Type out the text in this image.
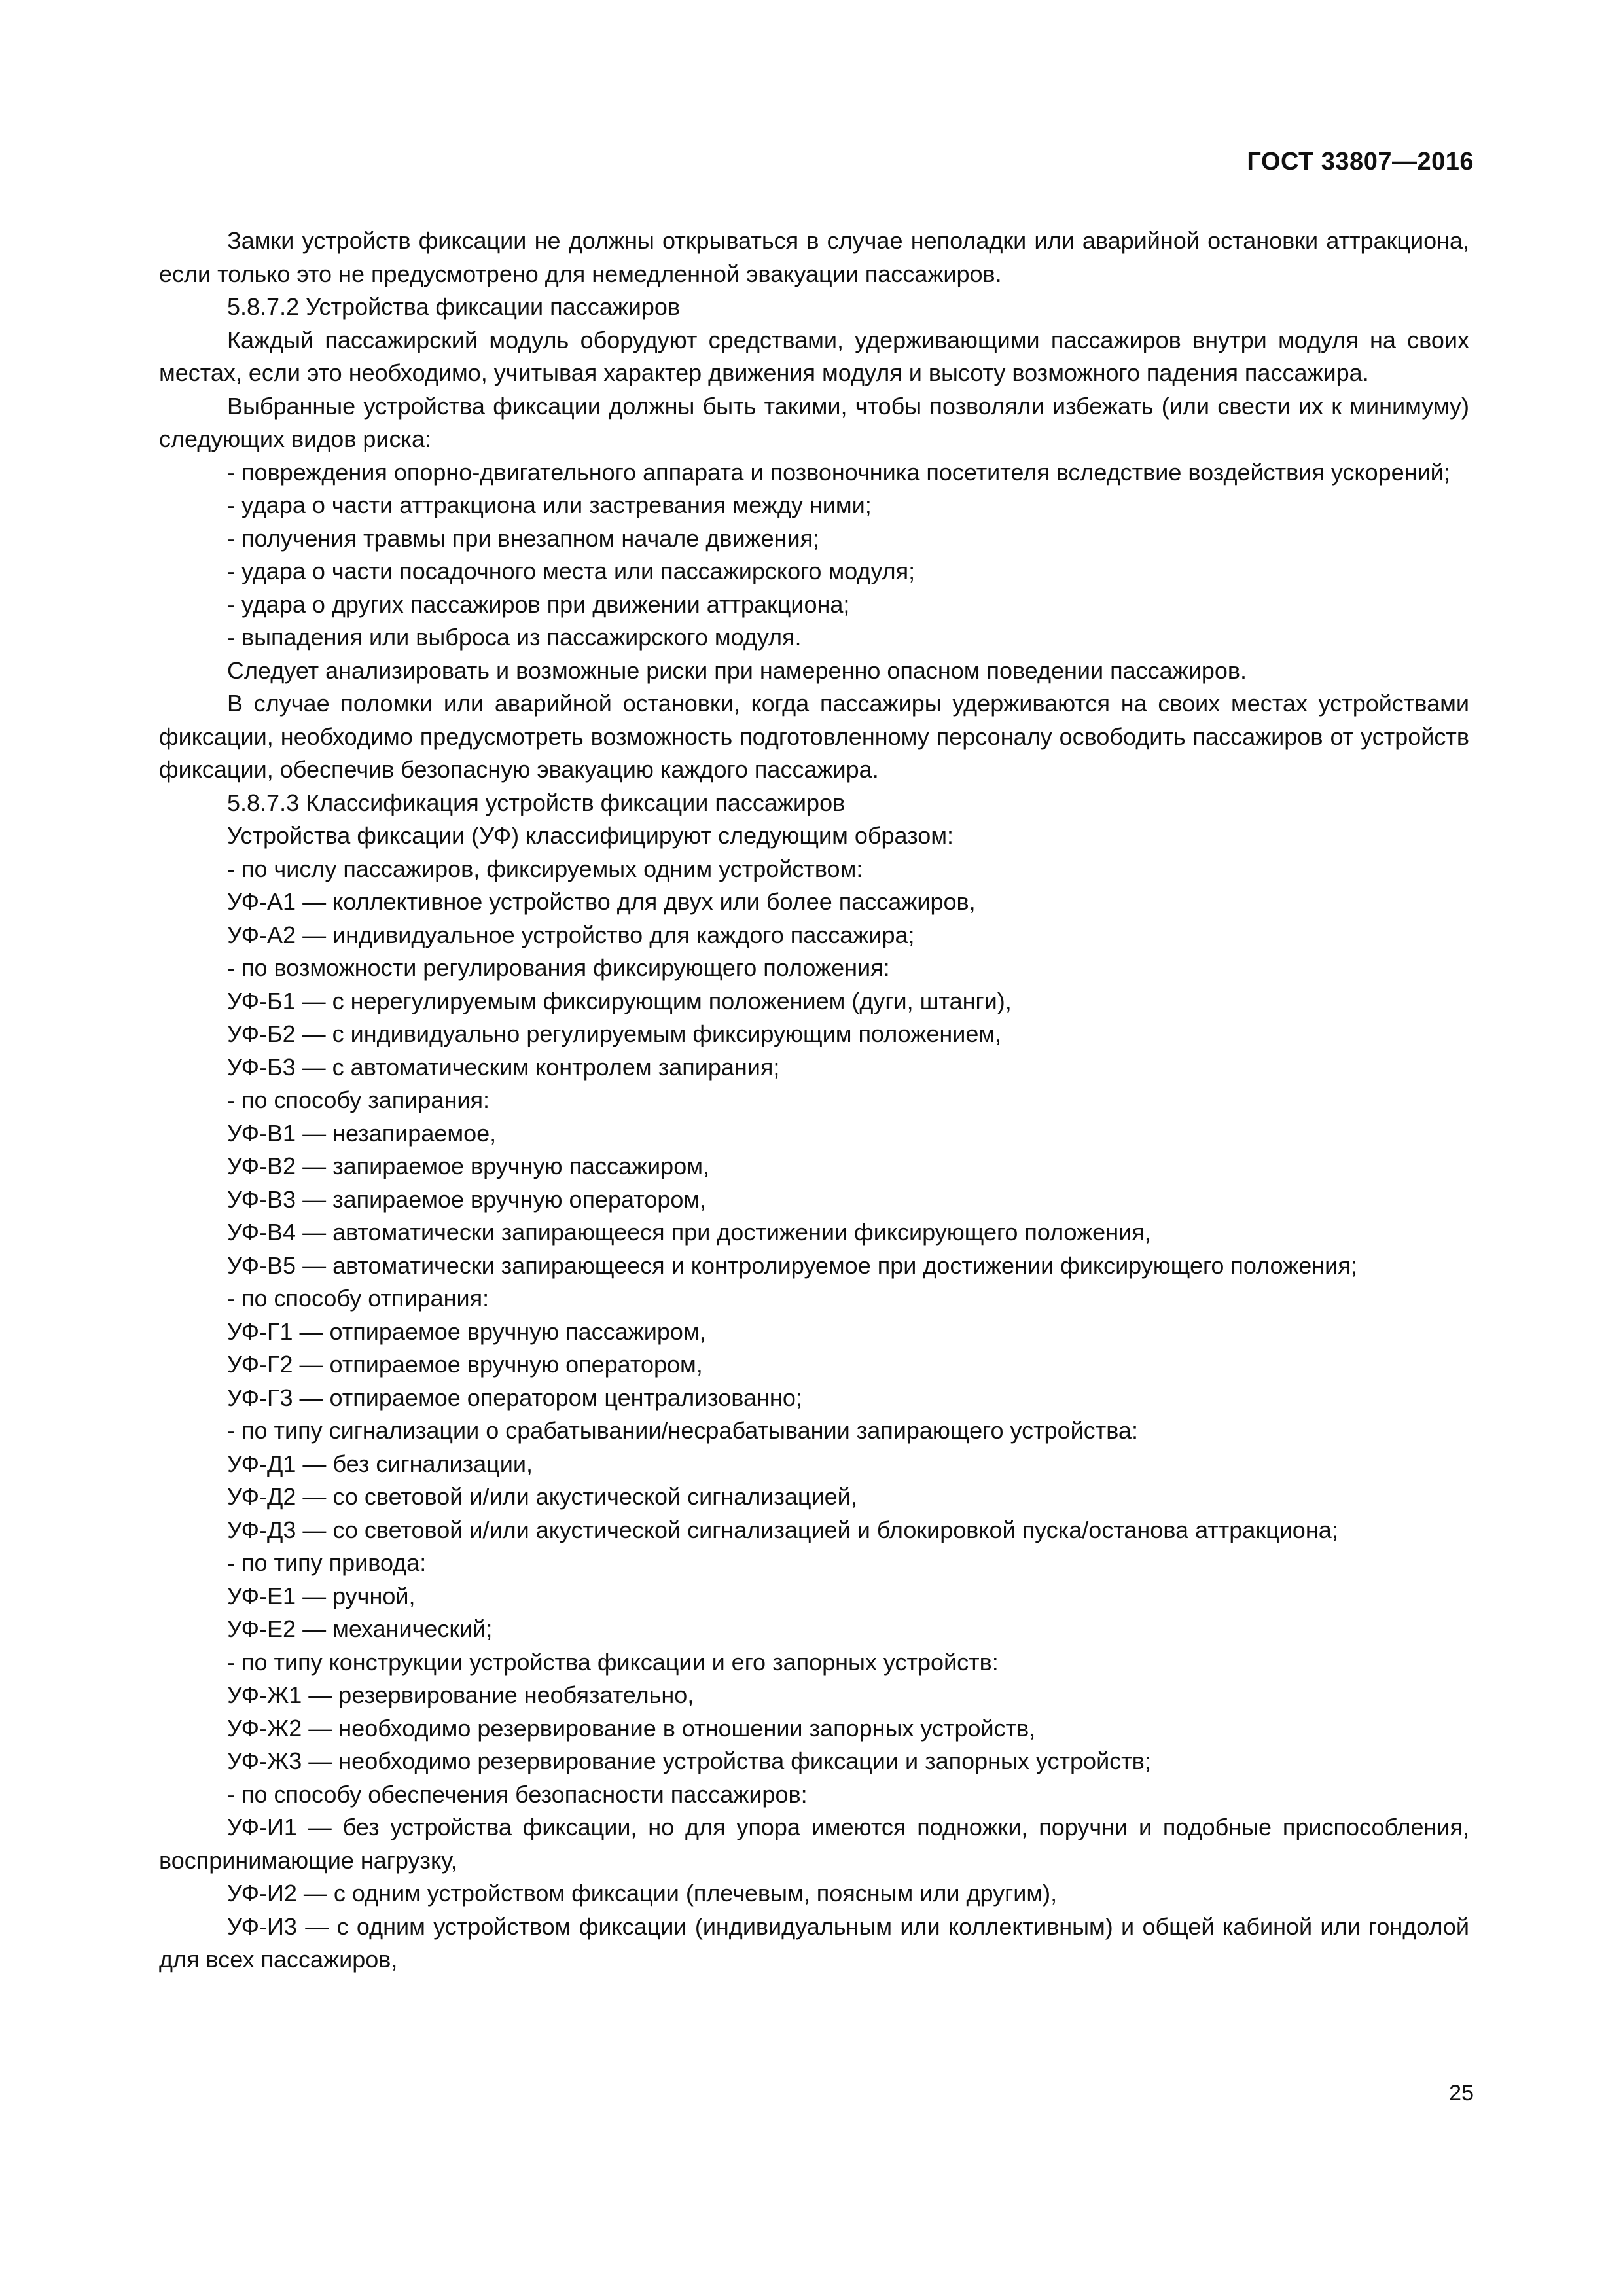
ГОСТ 33807—2016

Замки устройств фиксации не должны открываться в случае неполадки или аварийной остановки аттракциона, если только это не предусмотрено для немедленной эвакуации пассажиров.

5.8.7.2 Устройства фиксации пассажиров

Каждый пассажирский модуль оборудуют средствами, удерживающими пассажиров внутри модуля на своих местах, если это необходимо, учитывая характер движения модуля и высоту возможного падения пассажира.

Выбранные устройства фиксации должны быть такими, чтобы позволяли избежать (или свести их к минимуму) следующих видов риска:

- повреждения опорно-двигательного аппарата и позвоночника посетителя вследствие воздействия ускорений;

- удара о части аттракциона или застревания между ними;

- получения травмы при внезапном начале движения;

- удара о части посадочного места или пассажирского модуля;

- удара о других пассажиров при движении аттракциона;

- выпадения или выброса из пассажирского модуля.

Следует анализировать и возможные риски при намеренно опасном поведении пассажиров.

В случае поломки или аварийной остановки, когда пассажиры удерживаются на своих местах устройствами фиксации, необходимо предусмотреть возможность подготовленному персоналу освободить пассажиров от устройств фиксации, обеспечив безопасную эвакуацию каждого пассажира.

5.8.7.3 Классификация устройств фиксации пассажиров

Устройства фиксации (УФ) классифицируют следующим образом:

- по числу пассажиров, фиксируемых одним устройством:

УФ-А1 — коллективное устройство для двух или более пассажиров,

УФ-А2 — индивидуальное устройство для каждого пассажира;

- по возможности регулирования фиксирующего положения:

УФ-Б1 — с нерегулируемым фиксирующим положением (дуги, штанги),

УФ-Б2 — с индивидуально регулируемым фиксирующим положением,

УФ-Б3 — с автоматическим контролем запирания;

- по способу запирания:

УФ-В1 — незапираемое,

УФ-В2 — запираемое вручную пассажиром,

УФ-В3 — запираемое вручную оператором,

УФ-В4 — автоматически запирающееся при достижении фиксирующего положения,

УФ-В5 — автоматически запирающееся и контролируемое при достижении фиксирующего положения;

- по способу отпирания:

УФ-Г1 — отпираемое вручную пассажиром,

УФ-Г2 — отпираемое вручную оператором,

УФ-Г3 — отпираемое оператором централизованно;

- по типу сигнализации о срабатывании/несрабатывании запирающего устройства:

УФ-Д1 — без сигнализации,

УФ-Д2 — со световой и/или акустической сигнализацией,

УФ-Д3 — со световой и/или акустической сигнализацией и блокировкой пуска/останова аттракциона;

- по типу привода:

УФ-Е1 — ручной,

УФ-Е2 — механический;

- по типу конструкции устройства фиксации и его запорных устройств:

УФ-Ж1 — резервирование необязательно,

УФ-Ж2 — необходимо резервирование в отношении запорных устройств,

УФ-Ж3 — необходимо резервирование устройства фиксации и запорных устройств;

- по способу обеспечения безопасности пассажиров:

УФ-И1 — без устройства фиксации, но для упора имеются подножки, поручни и подобные приспособления, воспринимающие нагрузку,

УФ-И2 — с одним устройством фиксации (плечевым, поясным или другим),

УФ-И3 — с одним устройством фиксации (индивидуальным или коллективным) и общей кабиной или гондолой для всех пассажиров,

25
